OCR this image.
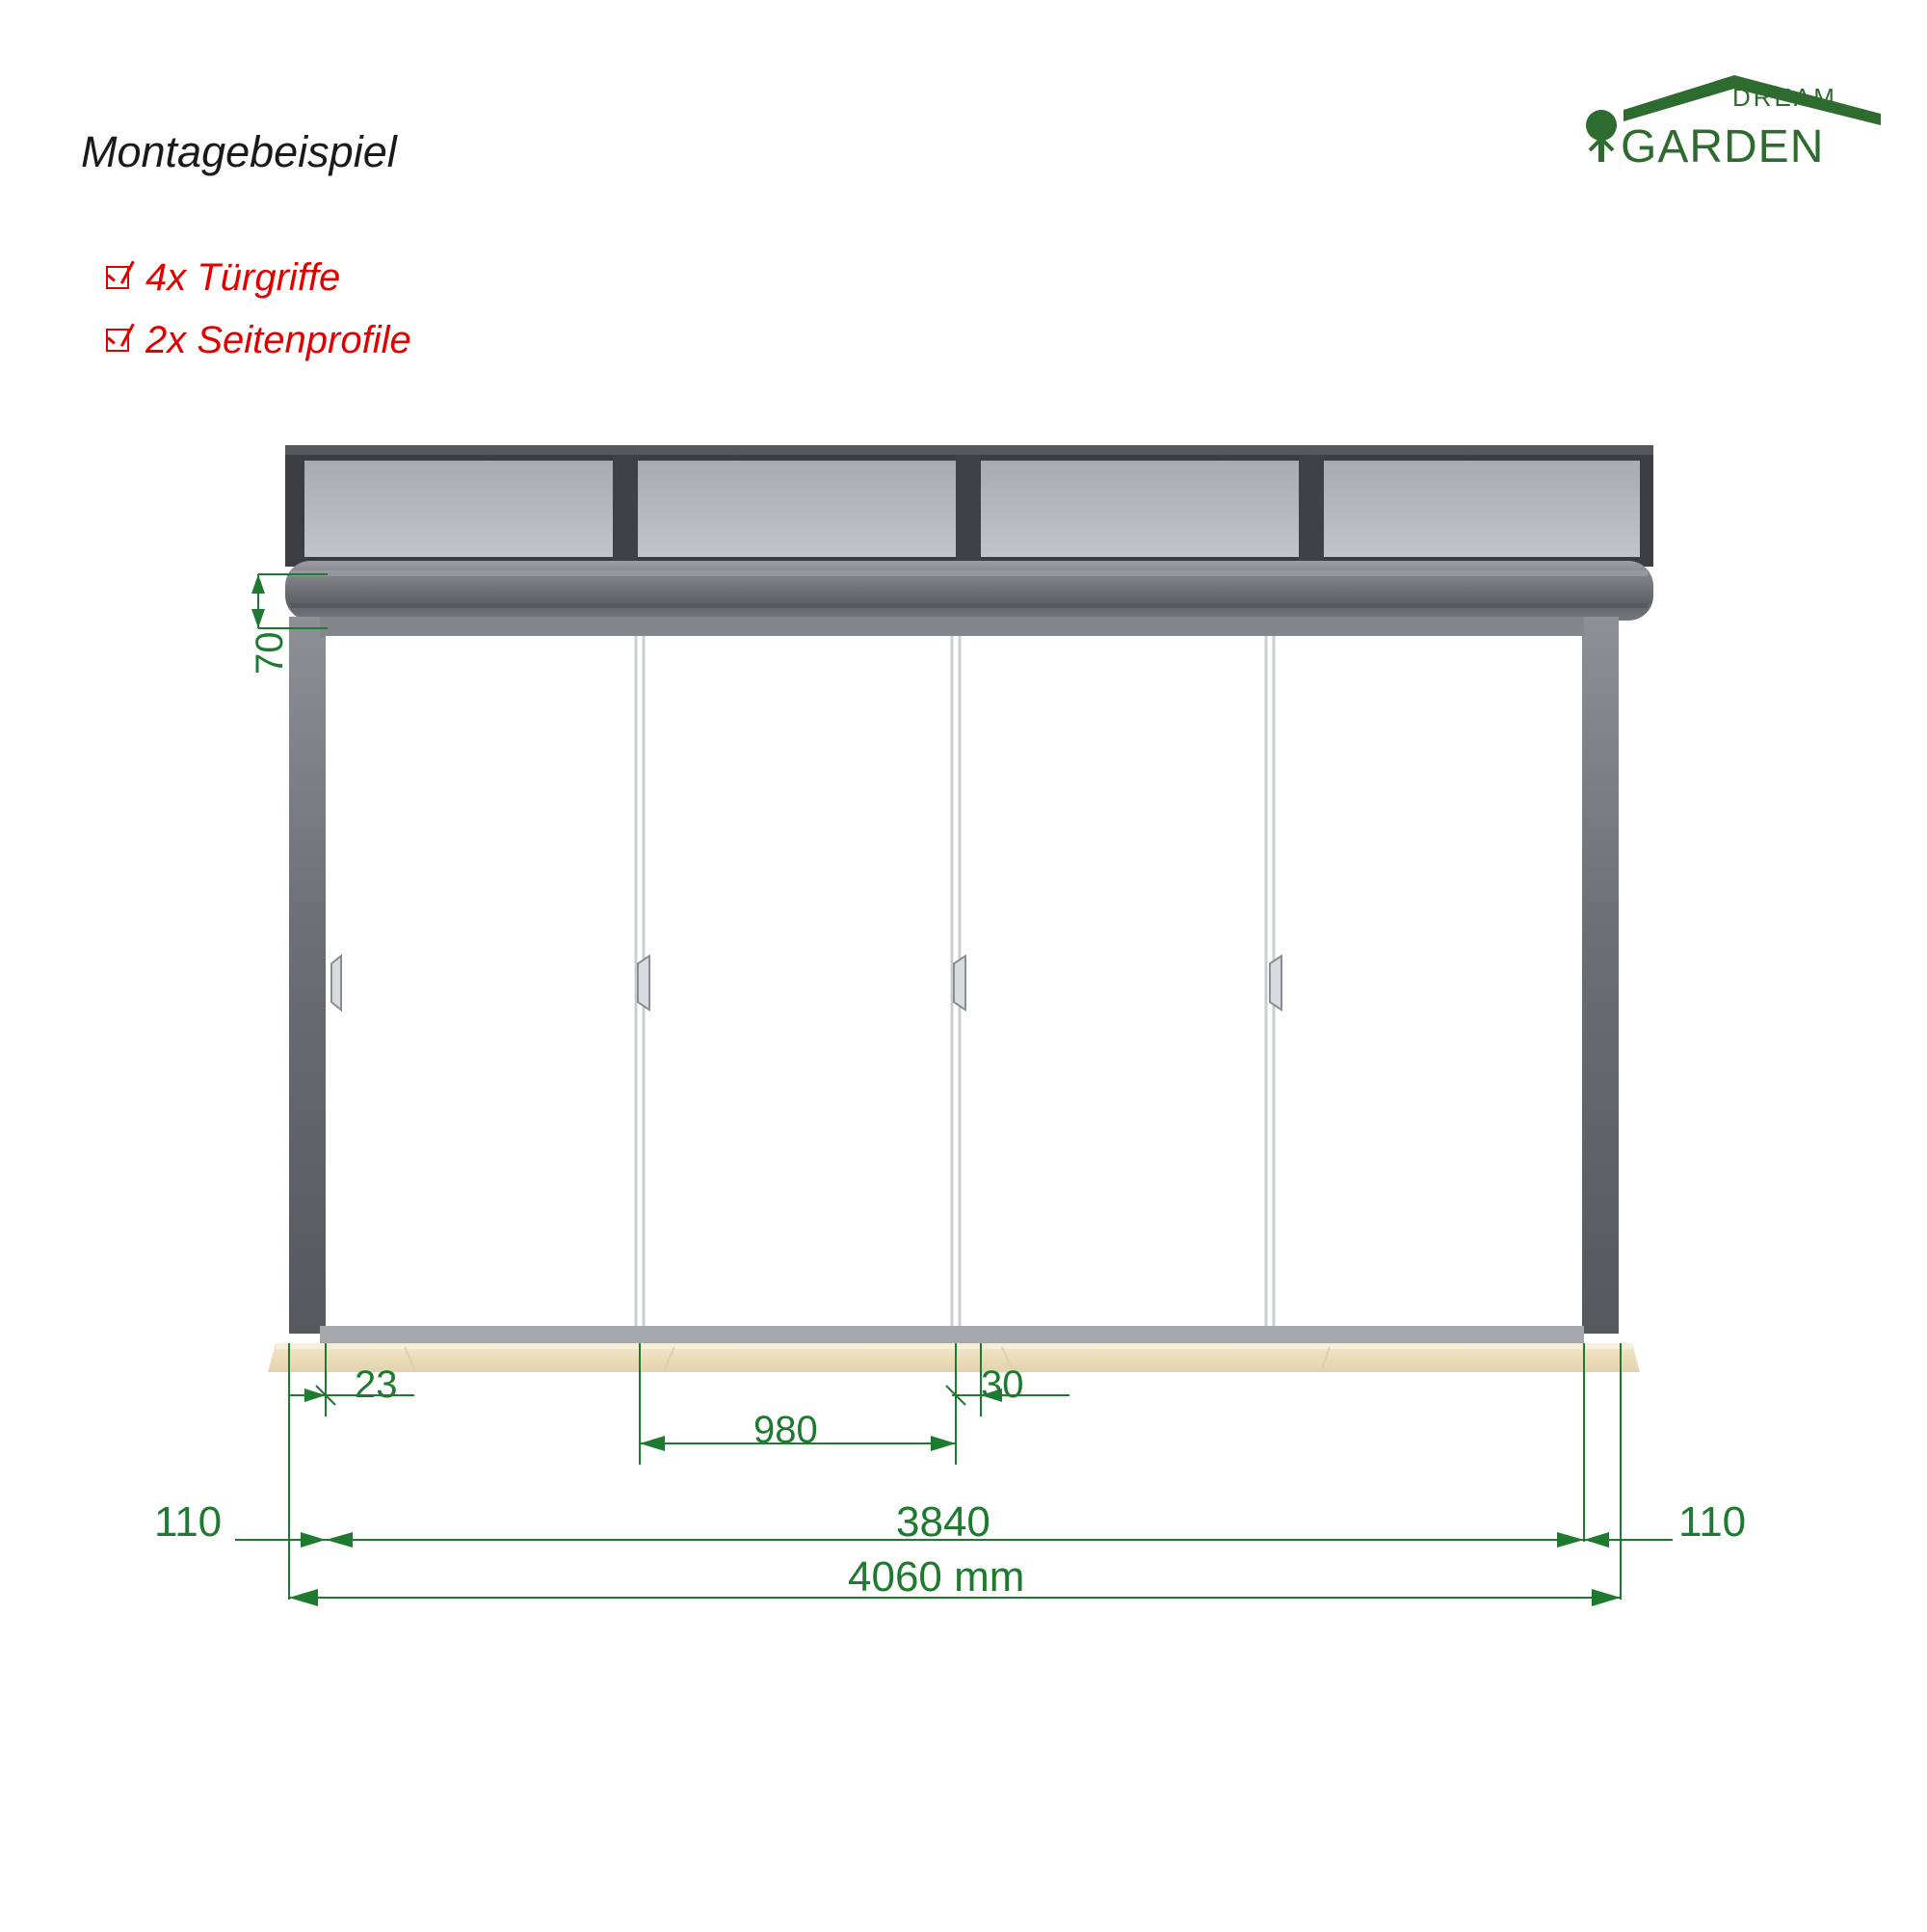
Montagebeispiel
4x Türgriffe
2x Seitenprofile
DREAM
GARDEN
70
23	30
980
3840
110	110
4060 mm
